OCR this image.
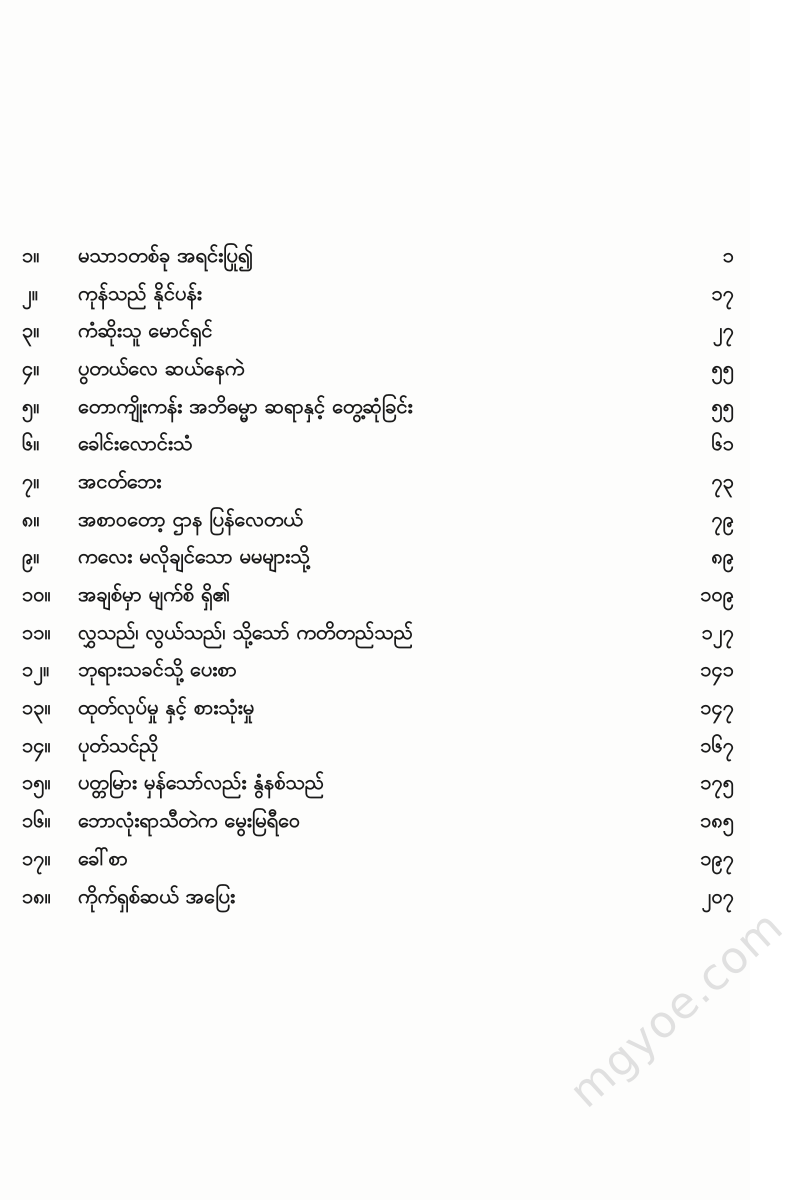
၁။	မသာ၁တစ်ခု အရင်းပြု၍	၁
၂။	ကုန်သည် နိုင်ပန်း	၁၇
၃။	ကံဆိုးသူ မောင်ရှင်	၂၇
၄။	ပွတယ်လေ ဆယ်နေကဲ	၅၅
၅။	တောကျိုးကန်း အဘိဓမ္မာ ဆရာနှင့် တွေ့ဆုံခြင်း	၅၅
၆။	ခေါင်းလောင်းသံ	၆၁
၇။	အငတ်ဘေး	၇၃
၈။	အစာ၀တော့ ဌာန ပြန်လေတယ်	၇၉
၉။	ကလေး မလိုချင်သော မမများသို့	၈၉
၁၀။	အချစ်မှာ မျက်စိ ရှိ၏	၁၀၉
၁၁။	လွှသည်၊ လွယ်သည်၊ သို့သော် ကတိတည်သည်	၁၂၇
၁၂။	ဘုရားသခင်သို့ ပေးစာ	၁၄၁
၁၃။	ထုတ်လုပ်မှု နှင့် စားသုံးမှု	၁၄၇
၁၄။	ပုတ်သင်ညို	၁၆၇
၁၅။	ပတ္တမြား မှန်သော်လည်း နွံနစ်သည်	၁၇၅
၁၆။	ဘောလုံးရာသီတဲက မွေးမြရီဝေ	၁၈၅
၁၇။	ခေါ်စာ	၁၉၇
၁၈။	ကိုက်ရှစ်ဆယ် အပြေး	၂၀၇
mgyoe.com
